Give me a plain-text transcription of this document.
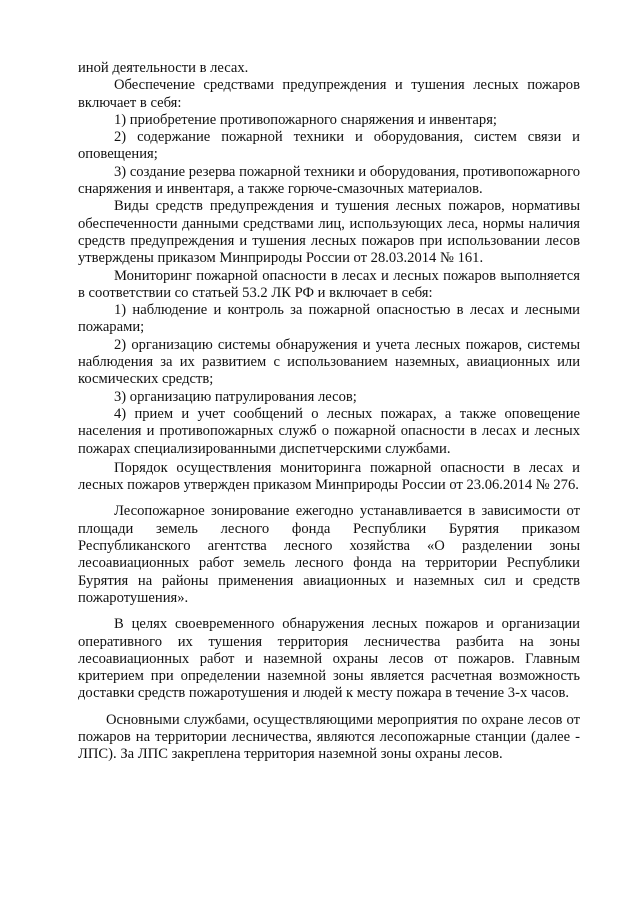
иной деятельности в лесах.

Обеспечение средствами предупреждения и тушения лесных пожаров включает в себя:

1) приобретение противопожарного снаряжения и инвентаря;

2) содержание пожарной техники и оборудования, систем связи и оповещения;

3) создание резерва пожарной техники и оборудования, противопожарного снаряжения и инвентаря, а также горюче-смазочных материалов.

Виды средств предупреждения и тушения лесных пожаров, нормативы обеспеченности данными средствами лиц, использующих леса, нормы наличия средств предупреждения и тушения лесных пожаров при использовании лесов утверждены приказом Минприроды России от 28.03.2014 № 161.

Мониторинг пожарной опасности в лесах и лесных пожаров выполняется в соответствии со статьей 53.2 ЛК РФ и включает в себя:

1) наблюдение и контроль за пожарной опасностью в лесах и лесными пожарами;

2) организацию системы обнаружения и учета лесных пожаров, системы наблюдения за их развитием с использованием наземных, авиационных или космических средств;

3) организацию патрулирования лесов;

4) прием и учет сообщений о лесных пожарах, а также оповещение населения и противопожарных служб о пожарной опасности в лесах и лесных пожарах специализированными диспетчерскими службами.

Порядок осуществления мониторинга пожарной опасности в лесах и лесных пожаров утвержден приказом Минприроды России от 23.06.2014 № 276.

Лесопожарное зонирование ежегодно устанавливается в зависимости от площади земель лесного фонда Республики Бурятия приказом Республиканского агентства лесного хозяйства «О разделении зоны лесоавиационных работ земель лесного фонда на территории Республики Бурятия на районы применения авиационных и наземных сил и средств пожаротушения».

В целях своевременного обнаружения лесных пожаров и организации оперативного их тушения территория лесничества разбита на зоны лесоавиационных работ и наземной охраны лесов от пожаров. Главным критерием при определении наземной зоны является расчетная возможность доставки средств пожаротушения и людей к месту пожара в течение 3-х часов.

Основными службами, осуществляющими мероприятия по охране лесов от пожаров на территории лесничества, являются лесопожарные станции (далее - ЛПС). За ЛПС закреплена территория наземной зоны охраны лесов.
